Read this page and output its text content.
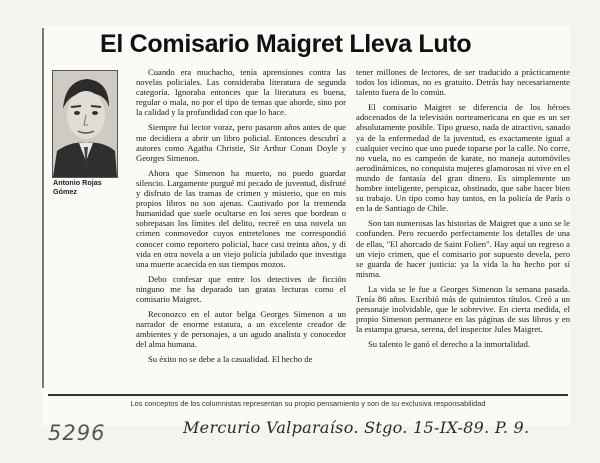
El Comisario Maigret Lleva Luto
Antonio Rojas Gómez

Cuando era muchacho, tenía aprensiones contra las novelas policiales. Las consideraba literatura de segunda categoría. Ignoraba entonces que la literatura es buena, regular o mala, no por el tipo de temas que aborde, sino por la calidad y la profundidad con que lo hace.

Siempre fui lector voraz, pero pasaron años antes de que me decidiera a abrir un libro policial. Entonces descubrí a autores como Agatha Christie, Sir Arthur Conan Doyle y Georges Simenon.

Ahora que Simenon ha muerto, no puedo guardar silencio. Largamente purgué mi pecado de juventud, disfruté y disfruto de las tramas de crimen y misterio, que en mis propios libros no son ajenas. Cautivado por la tremenda humanidad que suele ocultarse en los seres que bordean o sobrepasan los límites del delito, recreé en una novela un crimen conmovedor cuyos entretelones me correspondió conocer como reportero policial, hace casi treinta años, y di vida en otra novela a un viejo policía jubilado que investiga una muerte acaecida en sus tiempos mozos.

Debo confesar que entre los detectives de ficción ninguno me ha deparado tan gratas lecturas como el comisario Maigret.

Reconozco en el autor belga Georges Simenon a un narrador de enorme estatura, a un excelente creador de ambientes y de personajes, a un agudo analista y conocedor del alma humana.

Su éxito no se debe a la casualidad. El hecho de

tener millones de lectores, de ser traducido a prácticamente todos los idiomas, no es gratuito. Detrás hay necesariamente talento fuera de lo común.

El comisario Maigret se diferencia de los héroes adocenados de la televisión norteamericana en que es un ser absolutamente posible. Tipo grueso, nada de atractivo, sanado ya de la enfermedad de la juventud, es exactamente igual a cualquier vecino que uno puede toparse por la calle. No corre, no vuela, no es campeón de karate, no maneja automóviles aerodinámicos, no conquista mujeres glamorosas ni vive en el mundo de fantasía del gran dinero. Es simplemente un hombre inteligente, perspicaz, obstinado, que sabe hacer bien su trabajo. Un tipo como hay tantos, en la policía de París o en la de Santiago de Chile.

Son tan numerosas las historias de Maigret que a uno se le confunden. Pero recuerdo perfectamente los detalles de una de ellas, "El ahorcado de Saint Folien". Hay aquí un regreso a un viejo crimen, que el comisario por supuesto devela, pero se guarda de hacer justicia: ya la vida la ha hecho por sí misma.

La vida se le fue a Georges Simenon la semana pasada. Tenía 86 años. Escribió más de quinientos títulos. Creó a un personaje inolvidable, que le sobrevive. En cierta medida, el propio Simenon permanece en las páginas de sus libros y en la estampa gruesa, serena, del inspector Jules Maigret.

Su talento le ganó el derecho a la inmortalidad.

Los conceptos de los columnistas representan su propio pensamiento y son de su exclusiva responsabilidad
5296	Mercurio Valparaíso. Stgo. 15-IX-89. P. 9.
